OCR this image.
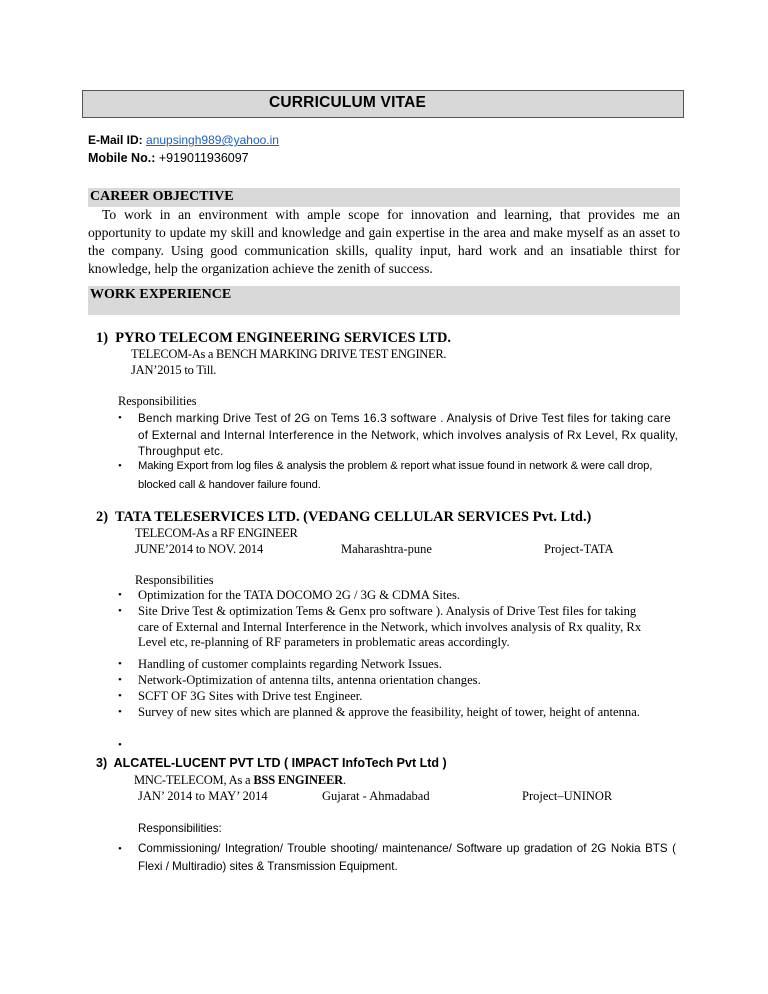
CURRICULUM VITAE
E-Mail ID: anupsingh989@yahoo.in
Mobile No.: +919011936097
CAREER OBJECTIVE
To work in an environment with ample scope for innovation and learning, that provides me an opportunity to update my skill and knowledge and gain expertise in the area and make myself as an asset to the company. Using good communication skills, quality input, hard work and an insatiable thirst for knowledge, help the organization achieve the zenith of success.
WORK EXPERIENCE
1) PYRO TELECOM ENGINEERING SERVICES LTD.
TELECOM-As a BENCH MARKING DRIVE TEST ENGINER.
JAN’2015 to Till.
Responsibilities
• Bench marking Drive Test of 2G on Tems 16.3 software . Analysis of Drive Test files for taking care of External and Internal Interference in the Network, which involves analysis of Rx Level, Rx quality, Throughput etc.
• Making Export from log files & analysis the problem & report what issue found in network & were call drop, blocked call & handover failure found.
2) TATA TELESERVICES LTD. (VEDANG CELLULAR SERVICES Pvt. Ltd.)
TELECOM-As a RF ENGINEER
JUNE’2014 to NOV. 2014	Maharashtra-pune	Project-TATA
Responsibilities
• Optimization for the TATA DOCOMO 2G / 3G & CDMA Sites.
• Site Drive Test & optimization Tems & Genx pro software ). Analysis of Drive Test files for taking care of External and Internal Interference in the Network, which involves analysis of Rx quality, Rx Level etc, re-planning of RF parameters in problematic areas accordingly.
• Handling of customer complaints regarding Network Issues.
• Network-Optimization of antenna tilts, antenna orientation changes.
• SCFT OF 3G Sites with Drive test Engineer.
• Survey of new sites which are planned & approve the feasibility, height of tower, height of antenna.
•
3) ALCATEL-LUCENT PVT LTD ( IMPACT InfoTech Pvt Ltd )
MNC-TELECOM, As a BSS ENGINEER.
JAN’ 2014 to MAY’ 2014	Gujarat - Ahmadabad	Project–UNINOR
Responsibilities:
• Commissioning/ Integration/ Trouble shooting/ maintenance/ Software up gradation of 2G Nokia BTS ( Flexi / Multiradio) sites & Transmission Equipment.
